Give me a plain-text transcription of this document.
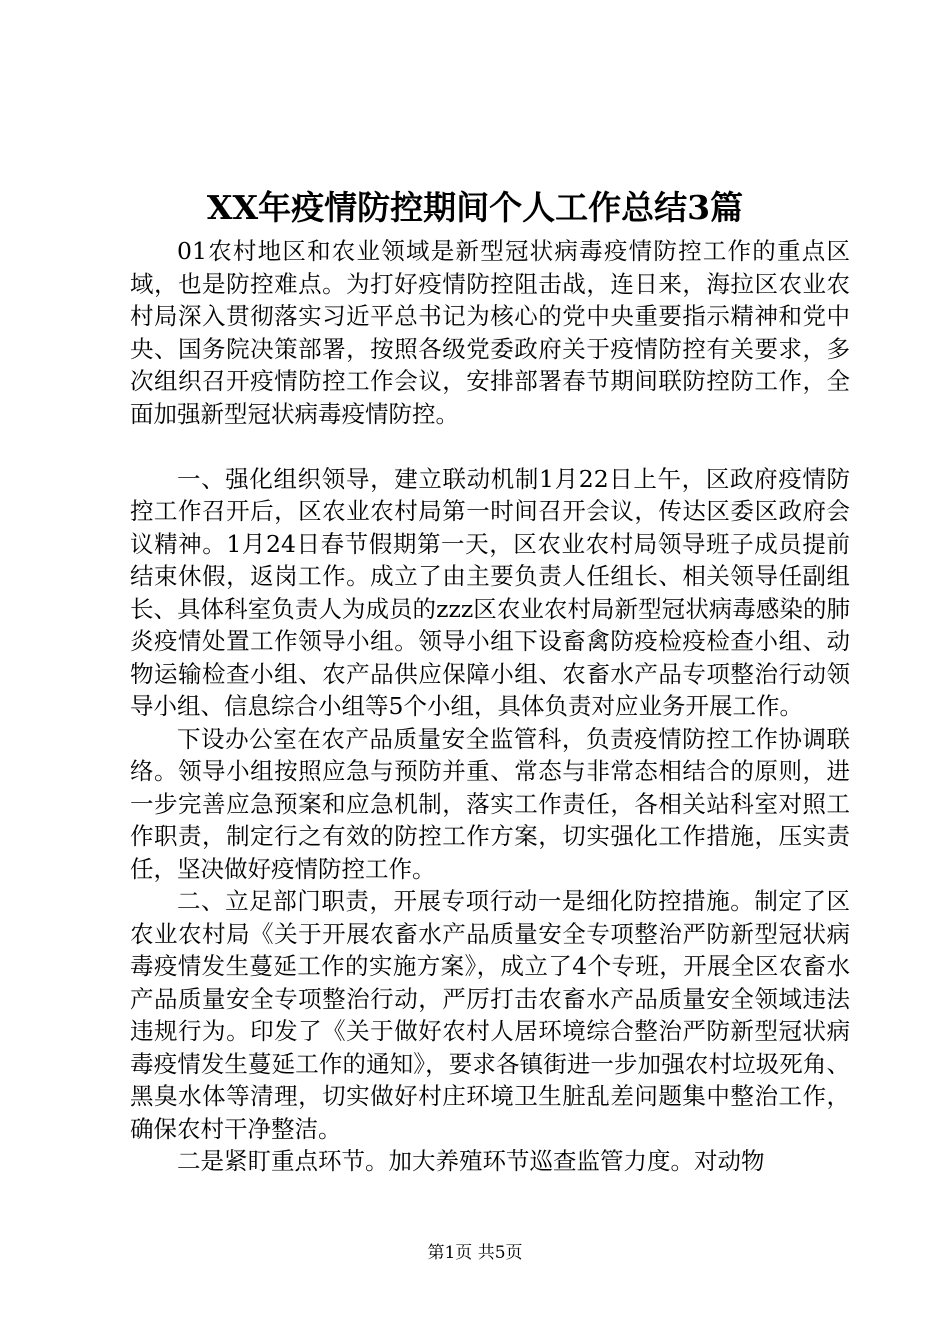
XX年疫情防控期间个人工作总结3篇

01农村地区和农业领域是新型冠状病毒疫情防控工作的重点区域，也是防控难点。为打好疫情防控阻击战，连日来，海拉区农业农村局深入贯彻落实习近平总书记为核心的党中央重要指示精神和党中央、国务院决策部署，按照各级党委政府关于疫情防控有关要求，多次组织召开疫情防控工作会议，安排部署春节期间联防控防工作，全面加强新型冠状病毒疫情防控。

一、强化组织领导，建立联动机制1月22日上午，区政府疫情防控工作召开后，区农业农村局第一时间召开会议，传达区委区政府会议精神。1月24日春节假期第一天，区农业农村局领导班子成员提前结束休假，返岗工作。成立了由主要负责人任组长、相关领导任副组长、具体科室负责人为成员的zzz区农业农村局新型冠状病毒感染的肺炎疫情处置工作领导小组。领导小组下设畜禽防疫检疫检查小组、动物运输检查小组、农产品供应保障小组、农畜水产品专项整治行动领导小组、信息综合小组等5个小组，具体负责对应业务开展工作。

下设办公室在农产品质量安全监管科，负责疫情防控工作协调联络。领导小组按照应急与预防并重、常态与非常态相结合的原则，进一步完善应急预案和应急机制，落实工作责任，各相关站科室对照工作职责，制定行之有效的防控工作方案，切实强化工作措施，压实责任，坚决做好疫情防控工作。

二、立足部门职责，开展专项行动一是细化防控措施。制定了区农业农村局《关于开展农畜水产品质量安全专项整治严防新型冠状病毒疫情发生蔓延工作的实施方案》，成立了4个专班，开展全区农畜水产品质量安全专项整治行动，严厉打击农畜水产品质量安全领域违法违规行为。印发了《关于做好农村人居环境综合整治严防新型冠状病毒疫情发生蔓延工作的通知》，要求各镇街进一步加强农村垃圾死角、黑臭水体等清理，切实做好村庄环境卫生脏乱差问题集中整治工作，确保农村干净整洁。

二是紧盯重点环节。加大养殖环节巡查监管力度。对动物

第1页 共5页
